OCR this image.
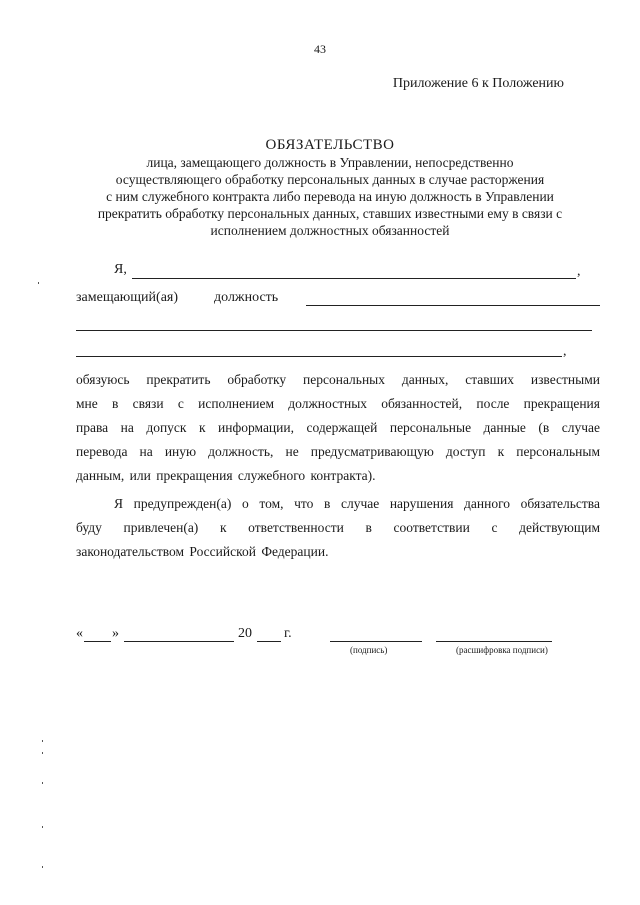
43
Приложение 6 к Положению
ОБЯЗАТЕЛЬСТВО
лица, замещающего должность в Управлении, непосредственно
осуществляющего обработку персональных данных в случае расторжения
с ним служебного контракта либо перевода на иную должность в Управлении
прекратить обработку персональных данных, ставших известными ему в связи с
исполнением должностных обязанностей
Я,	,
замещающий(ая)	должность
,
обязуюсь прекратить обработку персональных данных, ставших известными
мне в связи с исполнением должностных обязанностей, после прекращения
права на допуск к информации, содержащей персональные данные (в случае
перевода на иную должность, не предусматривающую доступ к персональным
данным, или прекращения служебного контракта).
Я предупрежден(а) о том, что в случае нарушения данного обязательства
буду привлечен(а) к ответственности в соответствии с действующим
законодательством Российской Федерации.
« »	20 г.
(подпись)	(расшифровка подписи)
